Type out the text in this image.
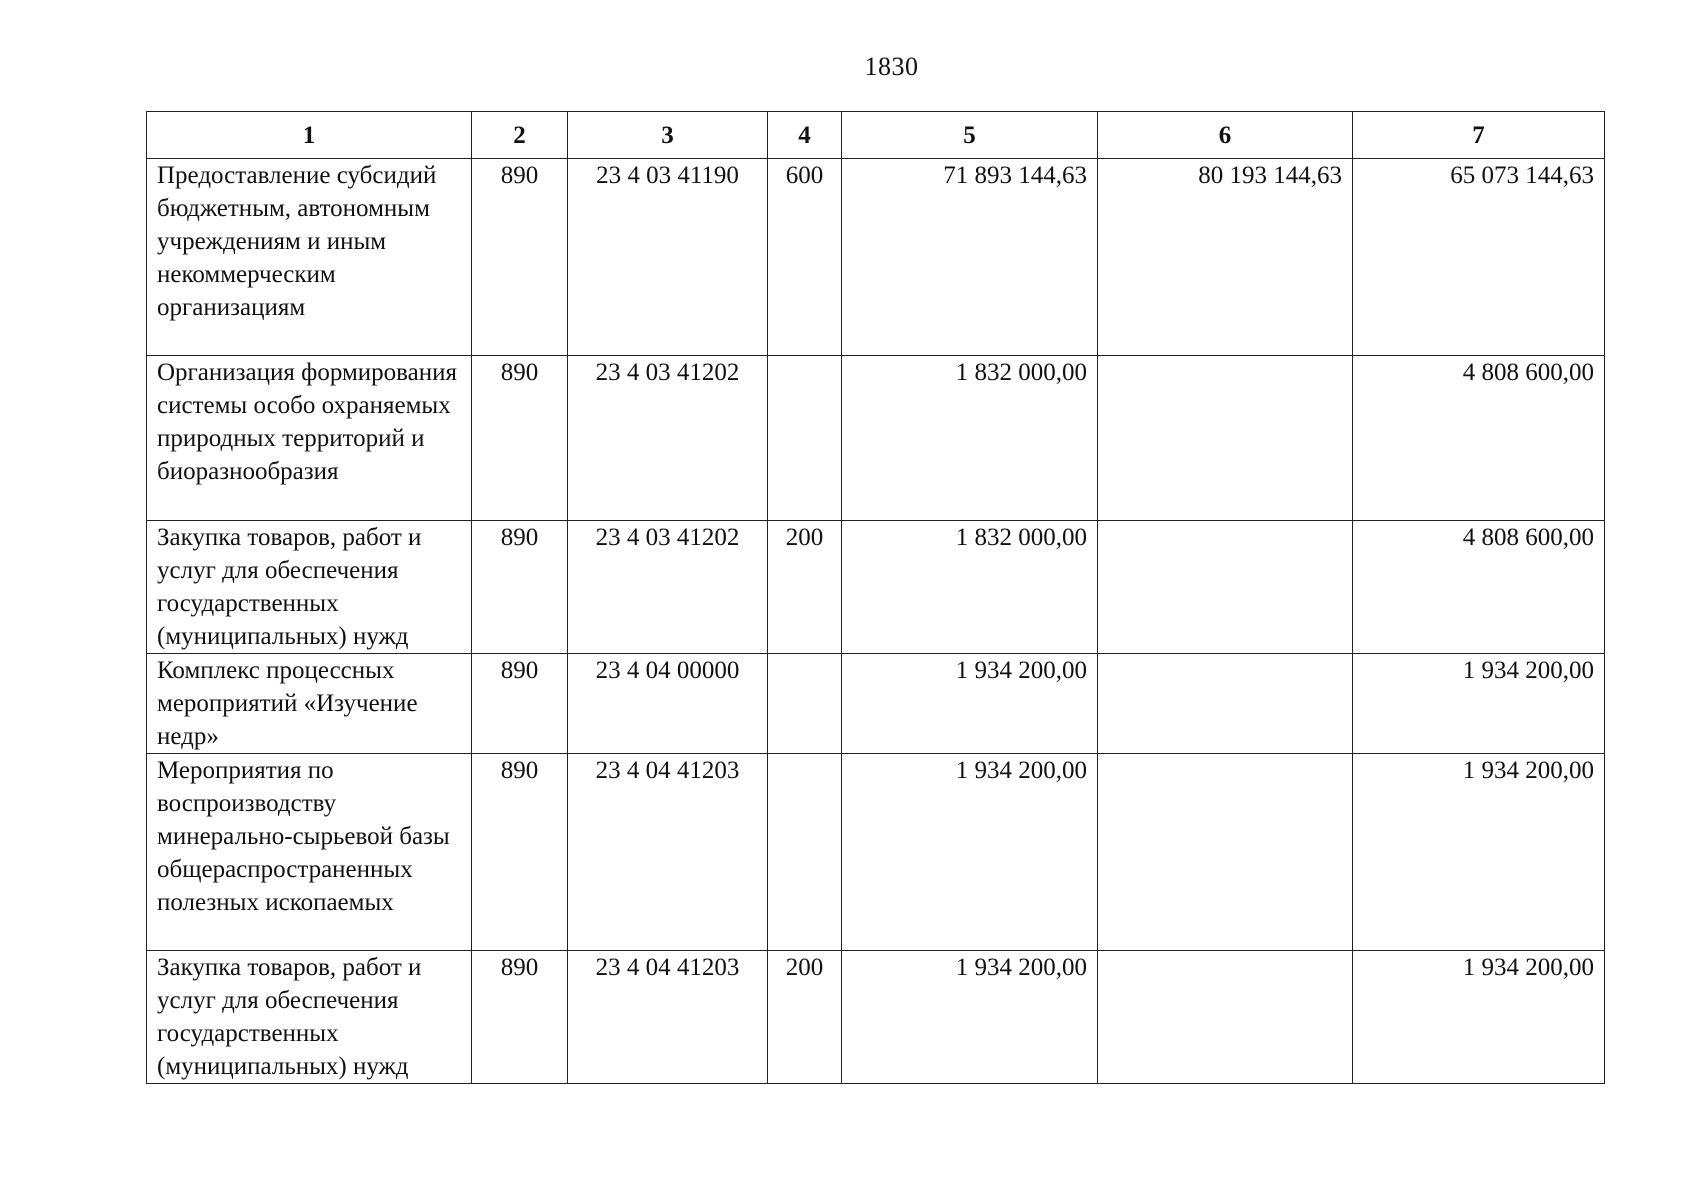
1830
1	2	3	4	5	6	7
Предоставление субсидий бюджетным, автономным учреждениям и иным некоммерческим организациям	890	23 4 03 41190	600	71 893 144,63	80 193 144,63	65 073 144,63
Организация формирования системы особо охраняемых природных территорий и биоразнообразия	890	23 4 03 41202		1 832 000,00		4 808 600,00
Закупка товаров, работ и услуг для обеспечения государственных (муниципальных) нужд	890	23 4 03 41202	200	1 832 000,00		4 808 600,00
Комплекс процессных мероприятий «Изучение недр»	890	23 4 04 00000		1 934 200,00		1 934 200,00
Мероприятия по воспроизводству минерально-сырьевой базы общераспространенных полезных ископаемых	890	23 4 04 41203		1 934 200,00		1 934 200,00
Закупка товаров, работ и услуг для обеспечения государственных (муниципальных) нужд	890	23 4 04 41203	200	1 934 200,00		1 934 200,00
